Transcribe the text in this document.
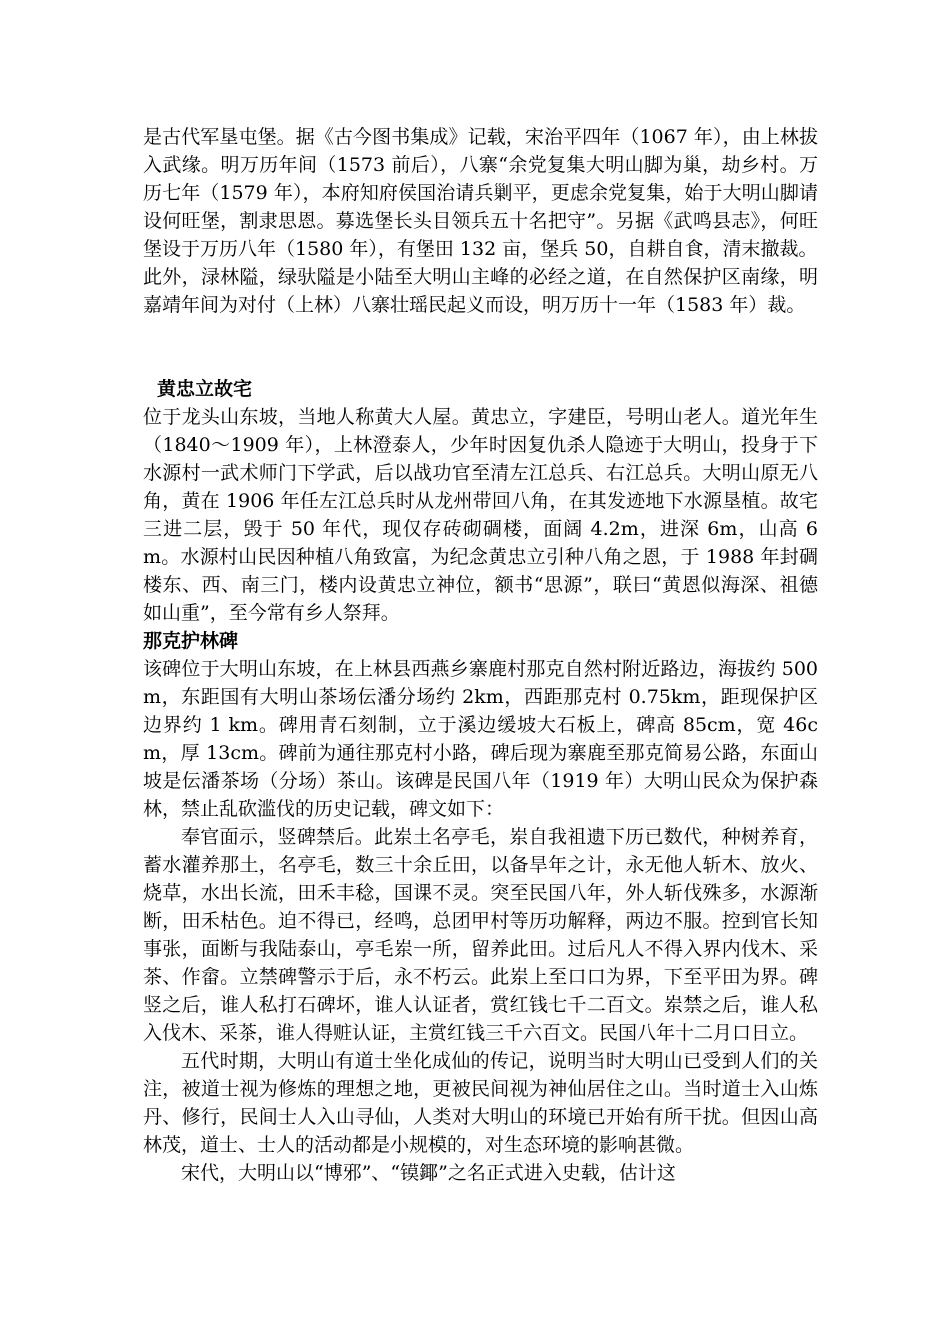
是古代军垦屯堡。据《古今图书集成》记载，宋治平四年（1067 年），由上林拔入武缘。明万历年间（1573 前后），八寨“余党复集大明山脚为巢，劫乡村。万历七年（1579 年），本府知府侯国治请兵剿平，更虑余党复集，始于大明山脚请设何旺堡，割隶思恩。募选堡长头目领兵五十名把守”。另据《武鸣县志》，何旺堡设于万历八年（1580 年），有堡田 132 亩，堡兵 50，自耕自食，清末撤裁。

此外，渌林隘，绿驮隘是小陆至大明山主峰的必经之道，在自然保护区南缘，明嘉靖年间为对付（上林）八寨壮瑶民起义而设，明万历十一年（1583 年）裁。

黄忠立故宅

位于龙头山东坡，当地人称黄大人屋。黄忠立，字建臣，号明山老人。道光年生（1840～1909 年），上林澄泰人，少年时因复仇杀人隐迹于大明山，投身于下水源村一武术师门下学武，后以战功官至清左江总兵、右江总兵。大明山原无八角，黄在 1906 年任左江总兵时从龙州带回八角，在其发迹地下水源垦植。故宅三进二层，毁于 50 年代，现仅存砖砌碉楼，面阔 4.2m，进深 6m，山高 6m。水源村山民因种植八角致富，为纪念黄忠立引种八角之恩，于 1988 年封碉楼东、西、南三门，楼内设黄忠立神位，额书“思源”，联曰“黄恩似海深、祖德如山重”，至今常有乡人祭拜。

那克护林碑

该碑位于大明山东坡，在上林县西燕乡寨鹿村那克自然村附近路边，海拔约 500m，东距国有大明山茶场伝潘分场约 2km，西距那克村 0.75km，距现保护区边界约 1 km。碑用青石刻制，立于溪边缓坡大石板上，碑高 85cm，宽 46cm，厚 13cm。碑前为通往那克村小路，碑后现为寨鹿至那克简易公路，东面山坡是伝潘茶场（分场）茶山。该碑是民国八年（1919 年）大明山民众为保护森林，禁止乱砍滥伐的历史记载，碑文如下：

奉官面示，竖碑禁后。此岽土名亭毛，岽自我祖遗下历已数代，种树养育，蓄水灌养那土，名亭毛，数三十余丘田，以备旱年之计，永无他人斩木、放火、烧草，水出长流，田禾丰稔，国课不灵。突至民国八年，外人斩伐殊多，水源渐断，田禾枯色。迫不得已，经鸣，总团甲村等历功解释，两边不服。控到官长知事张，面断与我陆泰山，亭毛岽一所，留养此田。过后凡人不得入界内伐木、采茶、作畲。立禁碑警示于后，永不朽云。此岽上至口口为界，下至平田为界。碑竖之后，谁人私打石碑坏，谁人认证者，赏红钱七千二百文。岽禁之后，谁人私入伐木、采茶，谁人得赃认证，主赏红钱三千六百文。民国八年十二月口日立。

五代时期，大明山有道士坐化成仙的传记，说明当时大明山已受到人们的关注，被道士视为修炼的理想之地，更被民间视为神仙居住之山。当时道士入山炼丹、修行，民间士人入山寻仙，人类对大明山的环境已开始有所干扰。但因山高林茂，道士、士人的活动都是小规模的，对生态环境的影响甚微。

宋代，大明山以“博邪”、“镆鎁”之名正式进入史载，估计这
